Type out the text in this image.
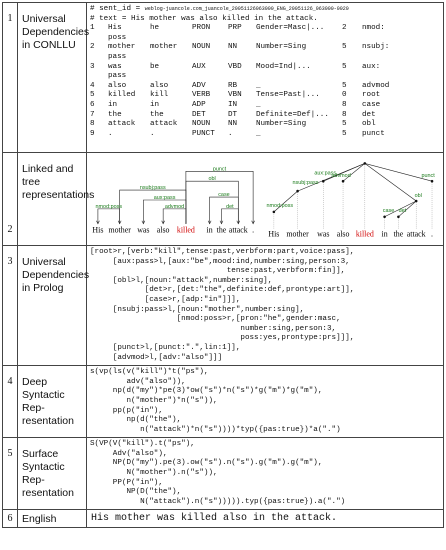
1	Universal Dependencies in CONLLU	
# sent_id = weblog-juancole.com_juancole_20051126063000_ENG_20051126_063000-0020
# text = His mother was also killed in the attack.
1	His	he	PRON	PRP	Gender=Masc|...	2	nmod:
	poss						
2	mother	mother	NOUN	NN	Number=Sing	5	nsubj:
	pass						
3	was	be	AUX	VBD	Mood=Ind|...	5	aux:
	pass						
4	also	also	ADV	RB	_	5	advmod
5	killed	kill	VERB	VBN	Tense=Past|...	0	root
6	in	in	ADP	IN	_	8	case
7	the	the	DET	DT	Definite=Def|...	8	det
8	attack	attack	NOUN	NN	Number=Sing	5	obl
9	.	.	PUNCT	.	_	5	punct

2	Linked and tree representations	
His mother was also killed in the attack .
punct
obl
nsubj:pass
aux:pass
advmod
case
det
nmod:poss
His mother was also killed in the attack .
aux:pass
nsubj:pass
advmod
obl
punct
case det
nmod:poss

3	Universal Dependencies in Prolog	
[root>r,[verb:"kill",tense:past,verbform:part,voice:pass],
[aux:pass>l,[aux:"be",mood:ind,number:sing,person:3,
tense:past,verbform:fin]],
[obl>l,[noun:"attack",number:sing],
[det>r,[det:"the",definite:def,prontype:art]],
[case>r,[adp:"in"]]],
[nsubj:pass>l,[noun:"mother",number:sing],
[nmod:poss>r,[pron:"he",gender:masc,
number:sing,person:3,
poss:yes,prontype:prs]]],
[punct>l,[punct:".",lin:1]],
[advmod>l,[adv:"also"]]]

4	Deep Syntactic Rep- resentation	
s(vp(ls(v("kill")*t("ps"),
adv("also")),
np(d("my")*pe(3)*ow("s")*n("s")*g("m")*g("m"),
n("mother")*n("s")),
pp(p("in"),
np(d("the"),
n("attack")*n("s"))))*typ({pas:true})*a(".")

5	Surface Syntactic Rep- resentation	
S(VP(V("kill").t("ps"),
Adv("also"),
NP(D("my").pe(3).ow("s").n("s").g("m").g("m"),
N("mother").n("s")),
PP(P("in"),
NP(D("the"),
N("attack").n("s"))))).typ({pas:true}).a(".")

6	English	His mother was killed also in the attack.
